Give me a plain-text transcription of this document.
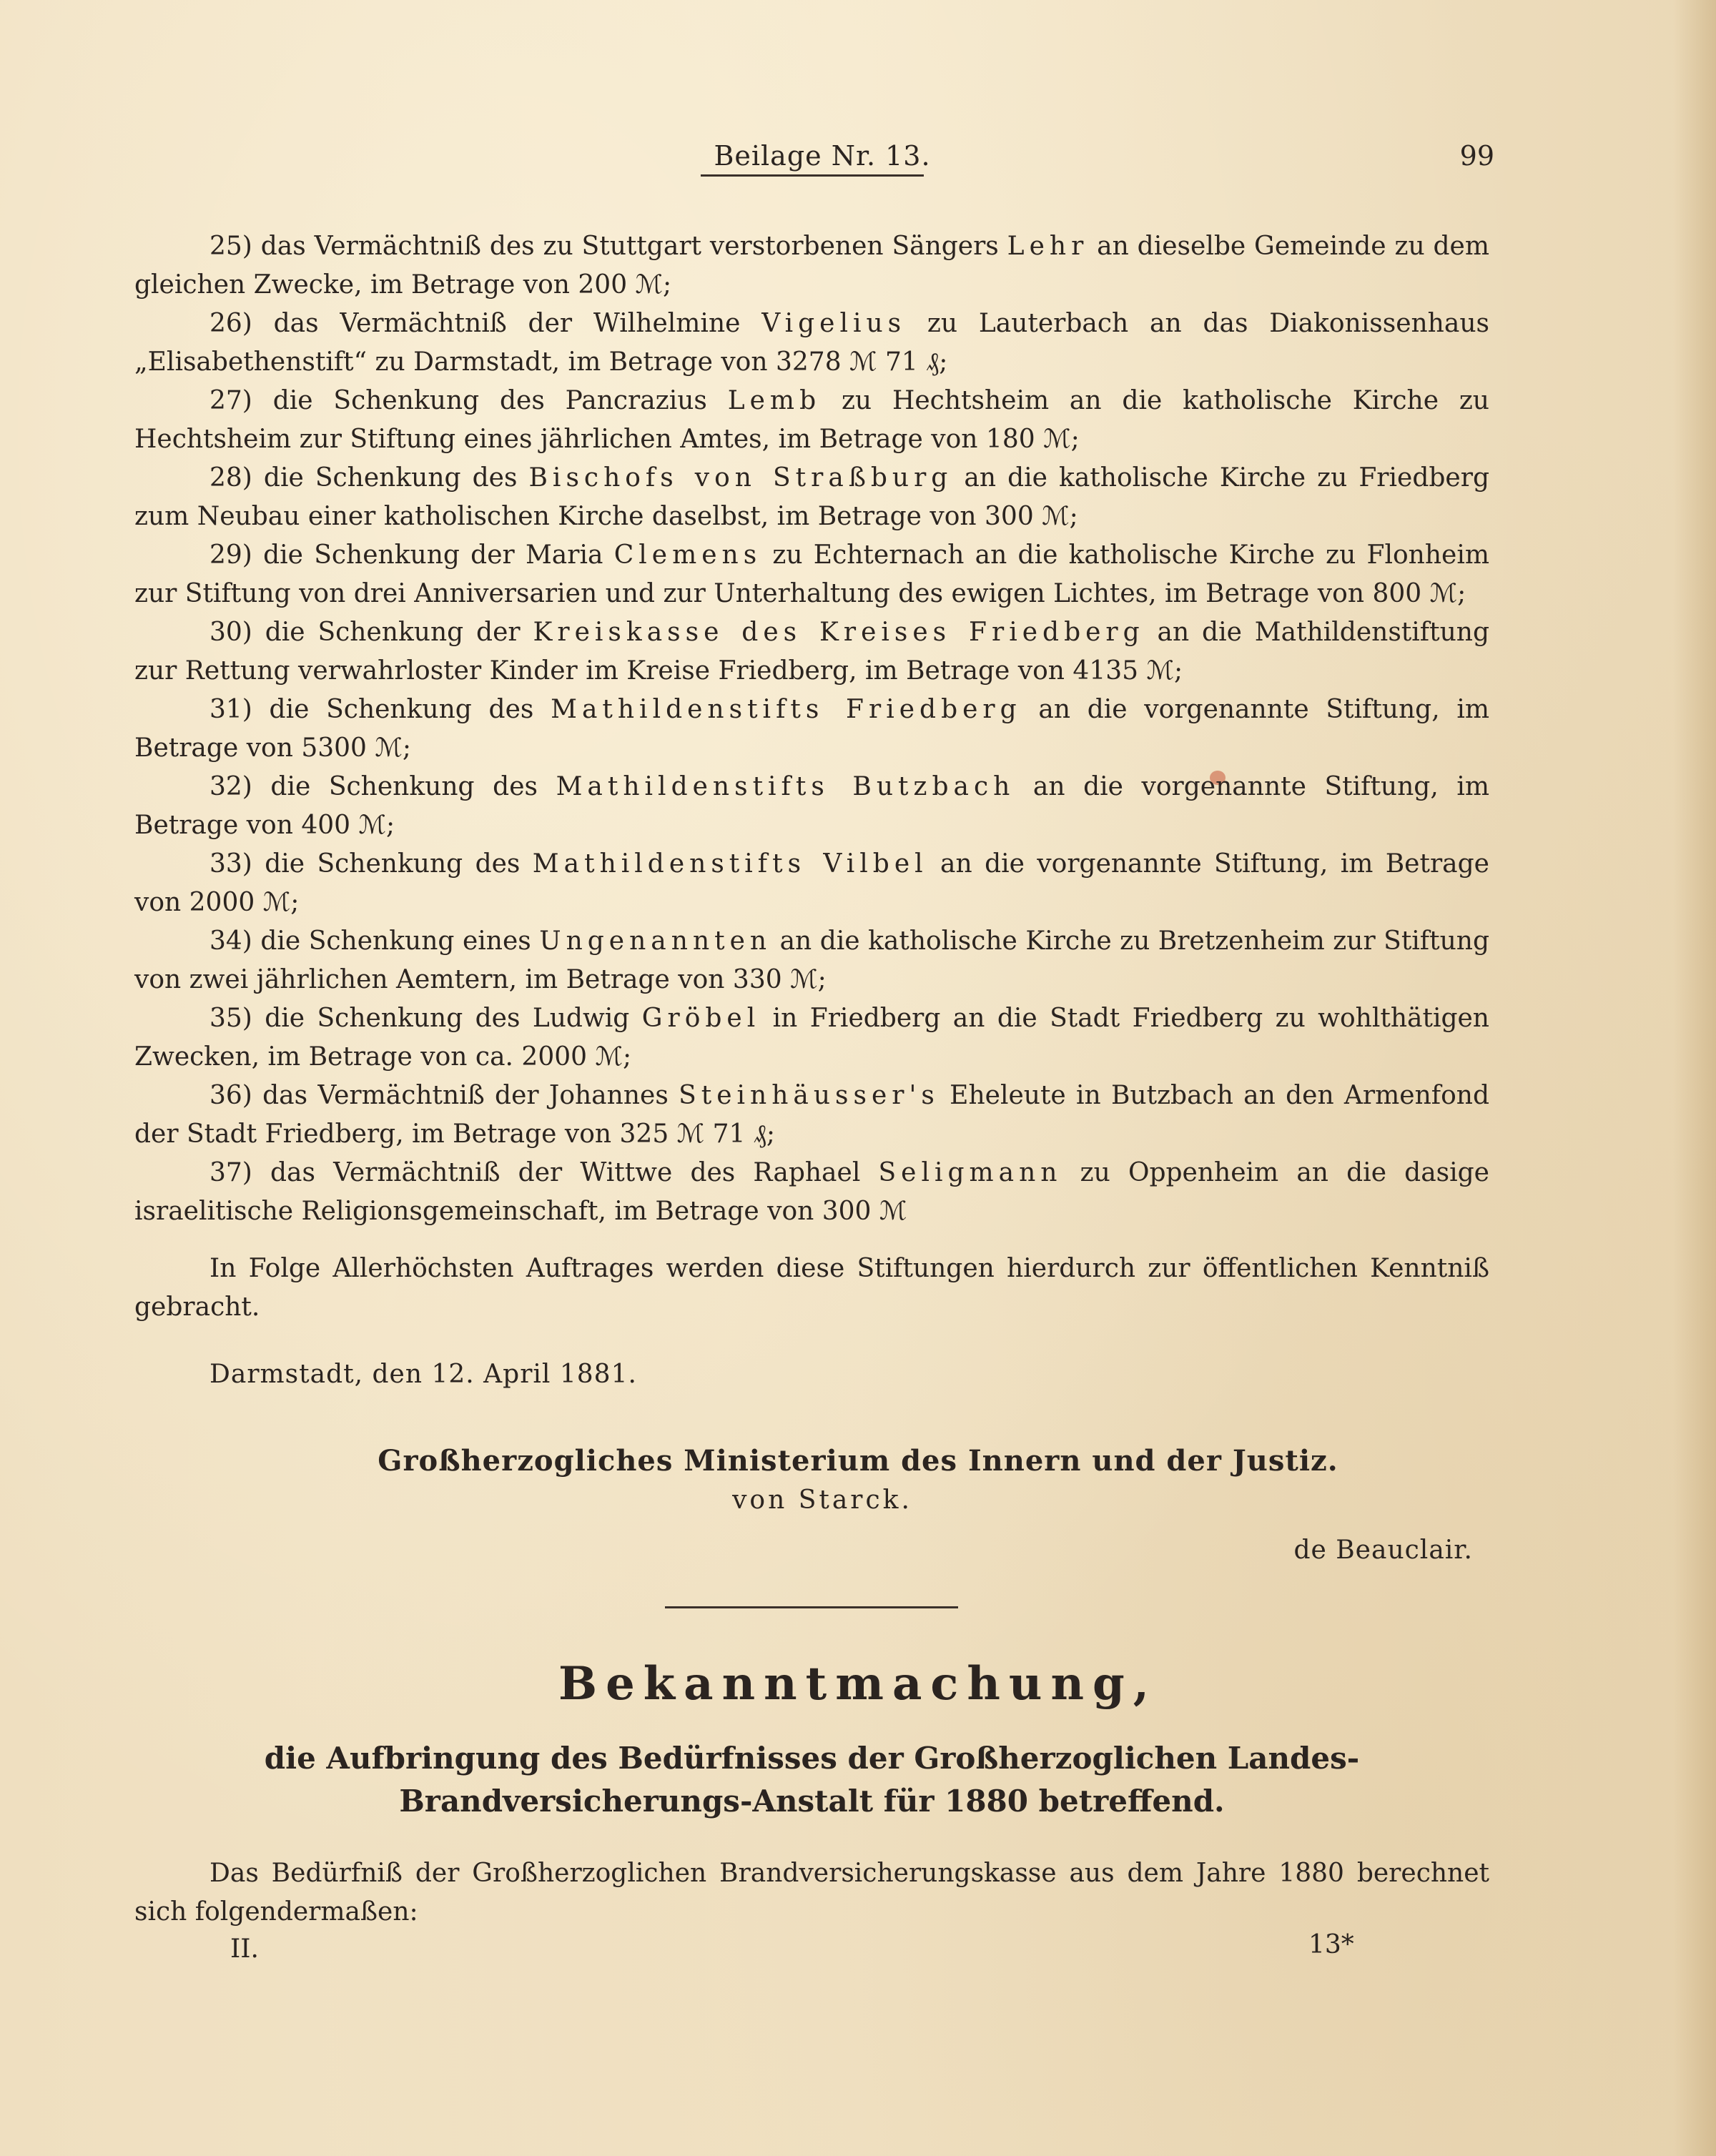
Beilage Nr. 13.	99

25) das Vermächtniß des zu Stuttgart verstorbenen Sängers Lehr an dieselbe Gemeinde zu dem gleichen Zwecke, im Betrage von 200 ℳ;

26) das Vermächtniß der Wilhelmine Vigelius zu Lauterbach an das Diakonissenhaus „Elisabethenstift“ zu Darmstadt, im Betrage von 3278 ℳ 71 ₰;

27) die Schenkung des Pancrazius Lemb zu Hechtsheim an die katholische Kirche zu Hechtsheim zur Stiftung eines jährlichen Amtes, im Betrage von 180 ℳ;

28) die Schenkung des Bischofs von Straßburg an die katholische Kirche zu Friedberg zum Neubau einer katholischen Kirche daselbst, im Betrage von 300 ℳ;

29) die Schenkung der Maria Clemens zu Echternach an die katholische Kirche zu Flonheim zur Stiftung von drei Anniversarien und zur Unterhaltung des ewigen Lichtes, im Betrage von 800 ℳ;

30) die Schenkung der Kreiskasse des Kreises Friedberg an die Mathildenstiftung zur Rettung verwahrloster Kinder im Kreise Friedberg, im Betrage von 4135 ℳ;

31) die Schenkung des Mathildenstifts Friedberg an die vorgenannte Stiftung, im Betrage von 5300 ℳ;

32) die Schenkung des Mathildenstifts Butzbach an die vorgenannte Stiftung, im Betrage von 400 ℳ;

33) die Schenkung des Mathildenstifts Vilbel an die vorgenannte Stiftung, im Betrage von 2000 ℳ;

34) die Schenkung eines Ungenannten an die katholische Kirche zu Bretzenheim zur Stiftung von zwei jährlichen Aemtern, im Betrage von 330 ℳ;

35) die Schenkung des Ludwig Gröbel in Friedberg an die Stadt Friedberg zu wohlthätigen Zwecken, im Betrage von ca. 2000 ℳ;

36) das Vermächtniß der Johannes Steinhäusser's Eheleute in Butzbach an den Armenfond der Stadt Friedberg, im Betrage von 325 ℳ 71 ₰;

37) das Vermächtniß der Wittwe des Raphael Seligmann zu Oppenheim an die dasige israelitische Religionsgemeinschaft, im Betrage von 300 ℳ

In Folge Allerhöchsten Auftrages werden diese Stiftungen hierdurch zur öffentlichen Kenntniß gebracht.

Darmstadt, den 12. April 1881.
Großherzogliches Ministerium des Innern und der Justiz.
von Starck.
de Beauclair.
Bekanntmachung,
die Aufbringung des Bedürfnisses der Großherzoglichen Landes-Brandversicherungs-Anstalt für 1880 betreffend.

Das Bedürfniß der Großherzoglichen Brandversicherungskasse aus dem Jahre 1880 berechnet sich folgendermaßen:

II.	13*
